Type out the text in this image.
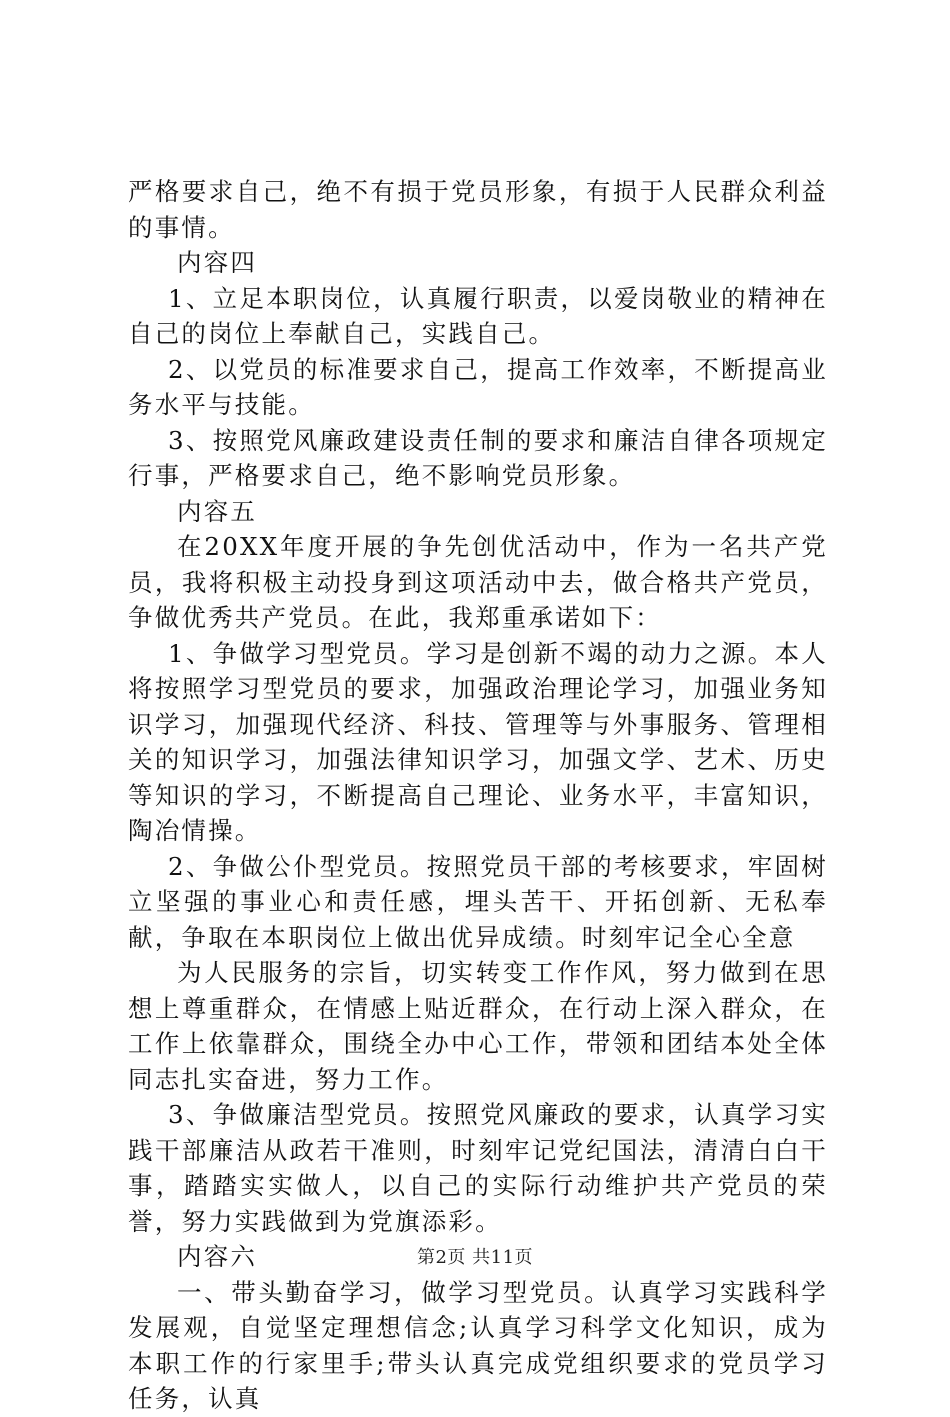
严格要求自己，绝不有损于党员形象，有损于人民群众利益的事情。

内容四

1、立足本职岗位，认真履行职责，以爱岗敬业的精神在自己的岗位上奉献自己，实践自己。

2、以党员的标准要求自己，提高工作效率，不断提高业务水平与技能。

3、按照党风廉政建设责任制的要求和廉洁自律各项规定行事，严格要求自己，绝不影响党员形象。

内容五

在20XX年度开展的争先创优活动中，作为一名共产党员，我将积极主动投身到这项活动中去，做合格共产党员，争做优秀共产党员。在此，我郑重承诺如下：

1、争做学习型党员。学习是创新不竭的动力之源。本人将按照学习型党员的要求，加强政治理论学习，加强业务知识学习，加强现代经济、科技、管理等与外事服务、管理相关的知识学习，加强法律知识学习，加强文学、艺术、历史等知识的学习，不断提高自己理论、业务水平，丰富知识，陶冶情操。

2、争做公仆型党员。按照党员干部的考核要求，牢固树立坚强的事业心和责任感，埋头苦干、开拓创新、无私奉献，争取在本职岗位上做出优异成绩。时刻牢记全心全意

为人民服务的宗旨，切实转变工作作风，努力做到在思想上尊重群众，在情感上贴近群众，在行动上深入群众，在工作上依靠群众，围绕全办中心工作，带领和团结本处全体同志扎实奋进，努力工作。

3、争做廉洁型党员。按照党风廉政的要求，认真学习实践干部廉洁从政若干准则，时刻牢记党纪国法，清清白白干事，踏踏实实做人，以自己的实际行动维护共产党员的荣誉，努力实践做到为党旗添彩。

内容六

一、带头勤奋学习，做学习型党员。认真学习实践科学发展观，自觉坚定理想信念;认真学习科学文化知识，成为本职工作的行家里手;带头认真完成党组织要求的党员学习任务，认真

第2页 共11页
